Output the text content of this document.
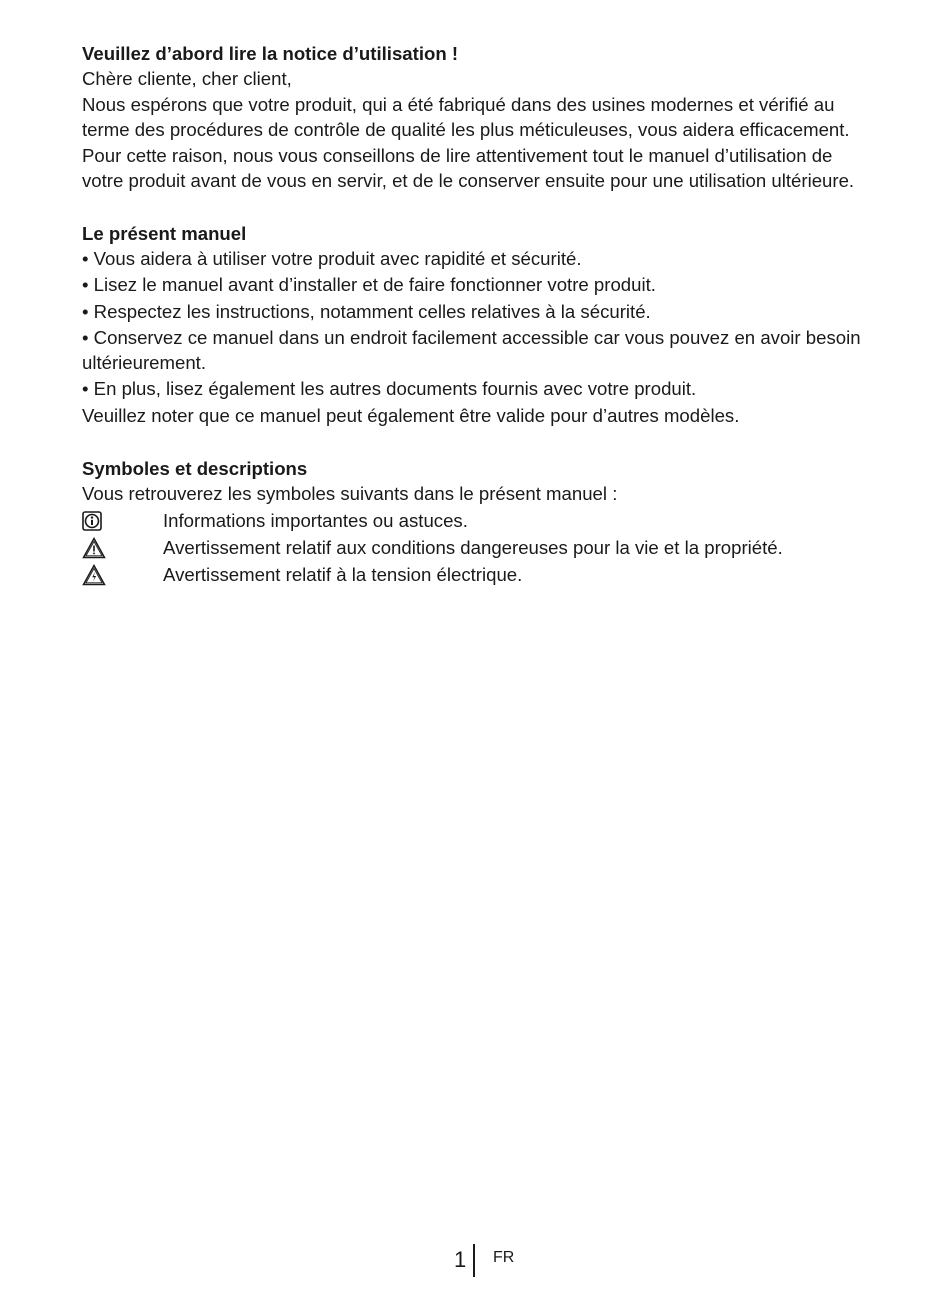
Veuillez d’abord lire la notice d’utilisation !

Chère cliente, cher client,

Nous espérons que votre produit, qui a été fabriqué dans des usines modernes et vérifié au terme des procédures de contrôle de qualité les plus méticuleuses, vous aidera efficacement.

Pour cette raison, nous vous conseillons de lire attentivement tout le manuel d’utilisation de votre produit avant de vous en servir, et de le conserver ensuite pour une utilisation ultérieure.

Le présent manuel

• Vous aidera à utiliser votre produit avec rapidité et sécurité.

• Lisez le manuel avant d’installer et de faire fonctionner votre produit.

• Respectez les instructions, notamment celles relatives à la sécurité.

• Conservez ce manuel dans un endroit facilement accessible car vous pouvez en avoir besoin ultérieurement.

• En plus, lisez également les autres documents fournis avec votre produit.

Veuillez noter que ce manuel peut également être valide pour d’autres modèles.

Symboles et descriptions

Vous retrouverez les symboles suivants dans le présent manuel :

Informations importantes ou astuces.
Avertissement relatif aux conditions dangereuses pour la vie et la propriété.
Avertissement relatif à la tension électrique.
1 FR
